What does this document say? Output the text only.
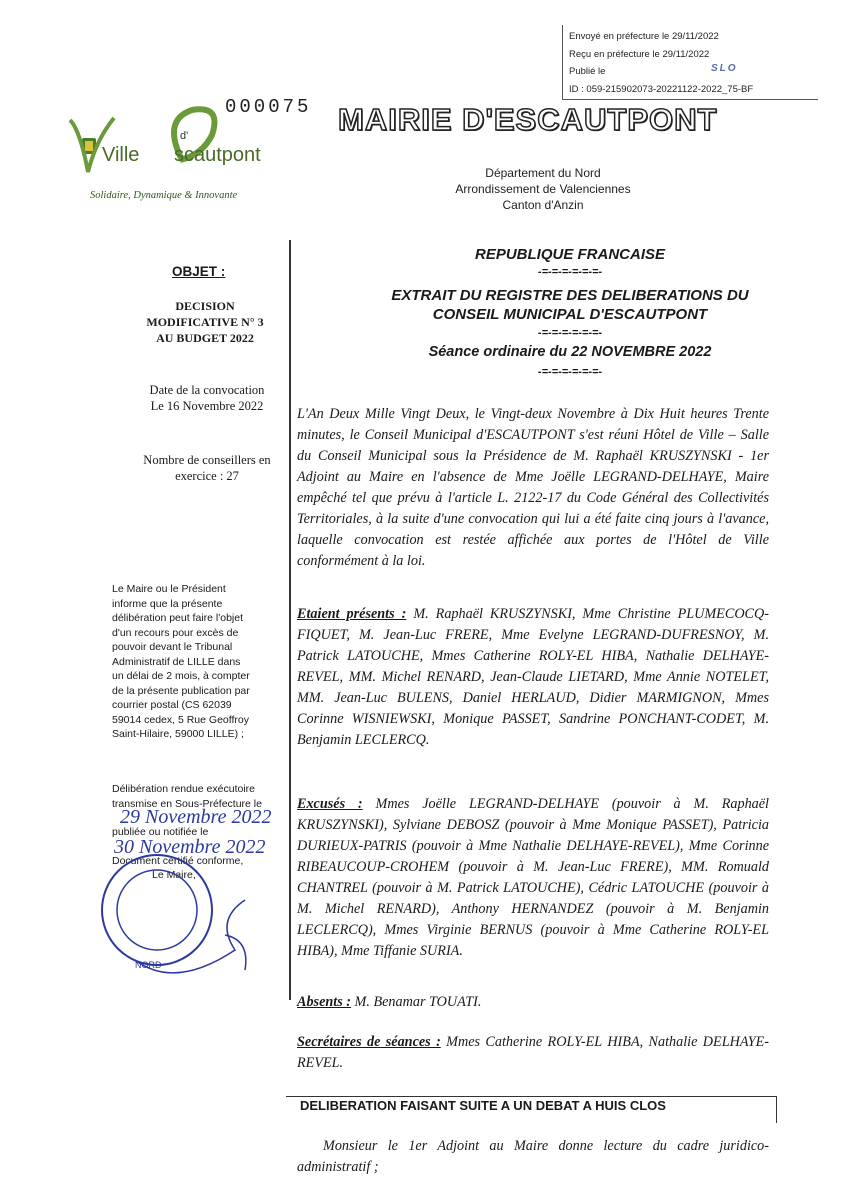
Envoyé en préfecture le 29/11/2022
Reçu en préfecture le 29/11/2022
Publié le	SLO
ID : 059-215902073-20221122-2022_75-BF
000075
Ville
d'
scautpont
Solidaire, Dynamique & Innovante
MAIRIE D'ESCAUTPONT
Département du Nord
Arrondissement de Valenciennes
Canton d'Anzin
OBJET :
DECISION
MODIFICATIVE N° 3
AU BUDGET 2022
Date de la convocation
Le 16 Novembre 2022
Nombre de conseillers en
exercice : 27
Le Maire ou le Président
informe que la présente
délibération peut faire l'objet
d'un recours pour excès de
pouvoir devant le Tribunal
Administratif de LILLE dans
un délai de 2 mois, à compter
de la présente publication par
courrier postal (CS 62039
59014 cedex, 5 Rue Geoffroy
Saint-Hilaire, 59000 LILLE) ;
Délibération rendue exécutoire
transmise en Sous-Préfecture le
publiée ou notifiée le
Document certifié conforme,
Le Maire,
29 Novembre 2022
30 Novembre 2022
NORD
REPUBLIQUE FRANCAISE
-=-=-=-=-=-=-
EXTRAIT DU REGISTRE DES DELIBERATIONS DU
CONSEIL MUNICIPAL D'ESCAUTPONT
-=-=-=-=-=-=-
Séance ordinaire du 22 NOVEMBRE 2022
-=-=-=-=-=-=-
L'An Deux Mille Vingt Deux, le Vingt-deux Novembre à Dix Huit heures Trente minutes, le Conseil Municipal d'ESCAUTPONT s'est réuni Hôtel de Ville – Salle du Conseil Municipal sous la Présidence de M. Raphaël KRUSZYNSKI - 1er Adjoint au Maire en l'absence de Mme Joëlle LEGRAND-DELHAYE, Maire empêché tel que prévu à l'article L. 2122-17 du Code Général des Collectivités Territoriales, à la suite d'une convocation qui lui a été faite cinq jours à l'avance, laquelle convocation est restée affichée aux portes de l'Hôtel de Ville conformément à la loi.
Etaient présents : M. Raphaël KRUSZYNSKI, Mme Christine PLUMECOCQ-FIQUET, M. Jean-Luc FRERE, Mme Evelyne LEGRAND-DUFRESNOY, M. Patrick LATOUCHE, Mmes Catherine ROLY-EL HIBA, Nathalie DELHAYE-REVEL, MM. Michel RENARD, Jean-Claude LIETARD, Mme Annie NOTELET, MM. Jean-Luc BULENS, Daniel HERLAUD, Didier MARMIGNON, Mmes Corinne WISNIEWSKI, Monique PASSET, Sandrine PONCHANT-CODET, M. Benjamin LECLERCQ.
Excusés : Mmes Joëlle LEGRAND-DELHAYE (pouvoir à M. Raphaël KRUSZYNSKI), Sylviane DEBOSZ (pouvoir à Mme Monique PASSET), Patricia DURIEUX-PATRIS (pouvoir à Mme Nathalie DELHAYE-REVEL), Mme Corinne RIBEAUCOUP-CROHEM (pouvoir à M. Jean-Luc FRERE), MM. Romuald CHANTREL (pouvoir à M. Patrick LATOUCHE), Cédric LATOUCHE (pouvoir à M. Michel RENARD), Anthony HERNANDEZ (pouvoir à M. Benjamin LECLERCQ), Mmes Virginie BERNUS (pouvoir à Mme Catherine ROLY-EL HIBA), Mme Tiffanie SURIA.
Absents : M. Benamar TOUATI.
Secrétaires de séances : Mmes Catherine ROLY-EL HIBA, Nathalie DELHAYE-REVEL.
DELIBERATION FAISANT SUITE A UN DEBAT A HUIS CLOS
Monsieur le 1er Adjoint au Maire donne lecture du cadre juridico-administratif ;
